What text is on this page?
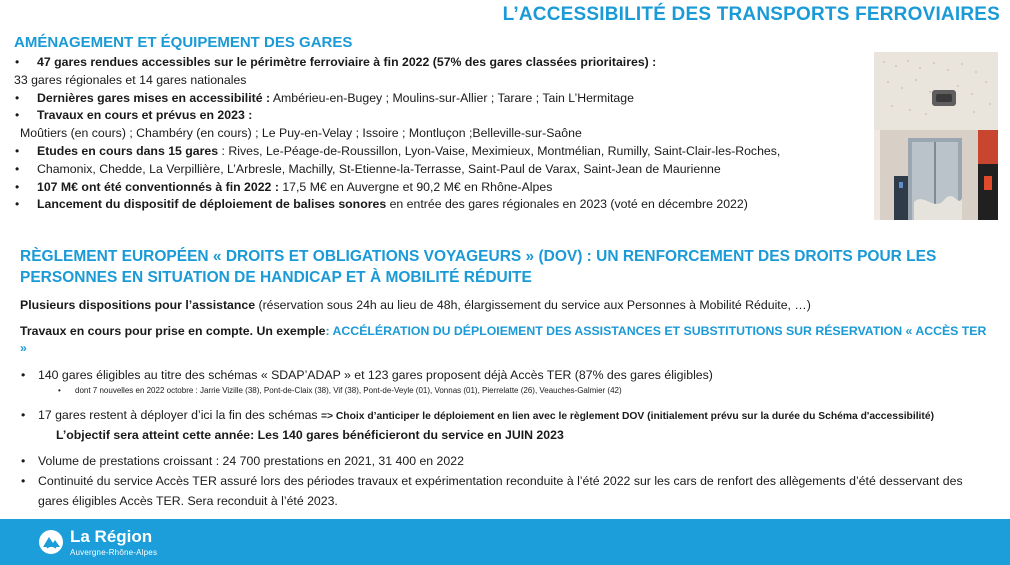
L’ACCESSIBILITÉ DES TRANSPORTS FERROVIAIRES
AMÉNAGEMENT ET ÉQUIPEMENT DES GARES
• 47 gares rendues accessibles sur le périmètre ferroviaire à fin 2022 (57% des gares classées prioritaires) :
33 gares régionales et 14 gares nationales
• Dernières gares mises en accessibilité : Ambérieu-en-Bugey ; Moulins-sur-Allier ; Tarare ; Tain L’Hermitage
• Travaux en cours et prévus en 2023 :
Moûtiers (en cours) ; Chambéry (en cours) ; Le Puy-en-Velay ; Issoire ; Montluçon ;Belleville-sur-Saône
• Etudes en cours dans 15 gares : Rives, Le-Péage-de-Roussillon, Lyon-Vaise, Meximieux, Montmélian, Rumilly, Saint-Clair-les-Roches,
• Chamonix, Chedde, La Verpillière, L’Arbresle, Machilly, St-Etienne-la-Terrasse, Saint-Paul de Varax, Saint-Jean de Maurienne
• 107 M€ ont été conventionnés à fin 2022 : 17,5 M€ en Auvergne et 90,2 M€ en Rhône-Alpes
• Lancement du dispositif de déploiement de balises sonores en entrée des gares régionales en 2023 (voté en décembre 2022)
RÈGLEMENT EUROPÉEN « DROITS ET OBLIGATIONS VOYAGEURS » (DOV) : UN RENFORCEMENT DES DROITS POUR LES PERSONNES EN SITUATION DE HANDICAP ET À MOBILITÉ RÉDUITE
Plusieurs dispositions pour l’assistance (réservation sous 24h au lieu de 48h, élargissement du service aux Personnes à Mobilité Réduite, …)
Travaux en cours pour prise en compte. Un exemple: ACCÉLÉRATION DU DÉPLOIEMENT DES ASSISTANCES ET SUBSTITUTIONS SUR RÉSERVATION « ACCÈS TER »
• 140 gares éligibles au titre des schémas « SDAP’ADAP » et 123 gares proposent déjà Accès TER (87% des gares éligibles)
• dont 7 nouvelles en 2022 octobre : Jarrie Vizille (38), Pont-de-Claix (38), Vif (38), Pont-de-Veyle (01), Vonnas (01), Pierrelatte (26), Veauches-Galmier (42)
• 17 gares restent à déployer d’ici la fin des schémas => Choix d’anticiper le déploiement en lien avec le règlement DOV (initialement prévu sur la durée du Schéma d'accessibilité)
L’objectif sera atteint cette année: Les 140 gares bénéficieront du service en JUIN 2023
• Volume de prestations croissant : 24 700 prestations en 2021, 31 400 en 2022
• Continuité du service Accès TER assuré lors des périodes travaux et expérimentation reconduite à l’été 2022 sur les cars de renfort des allègements d’été desservant des gares éligibles Accès TER. Sera reconduit à l’été 2023.
La Région
Auvergne-Rhône-Alpes
